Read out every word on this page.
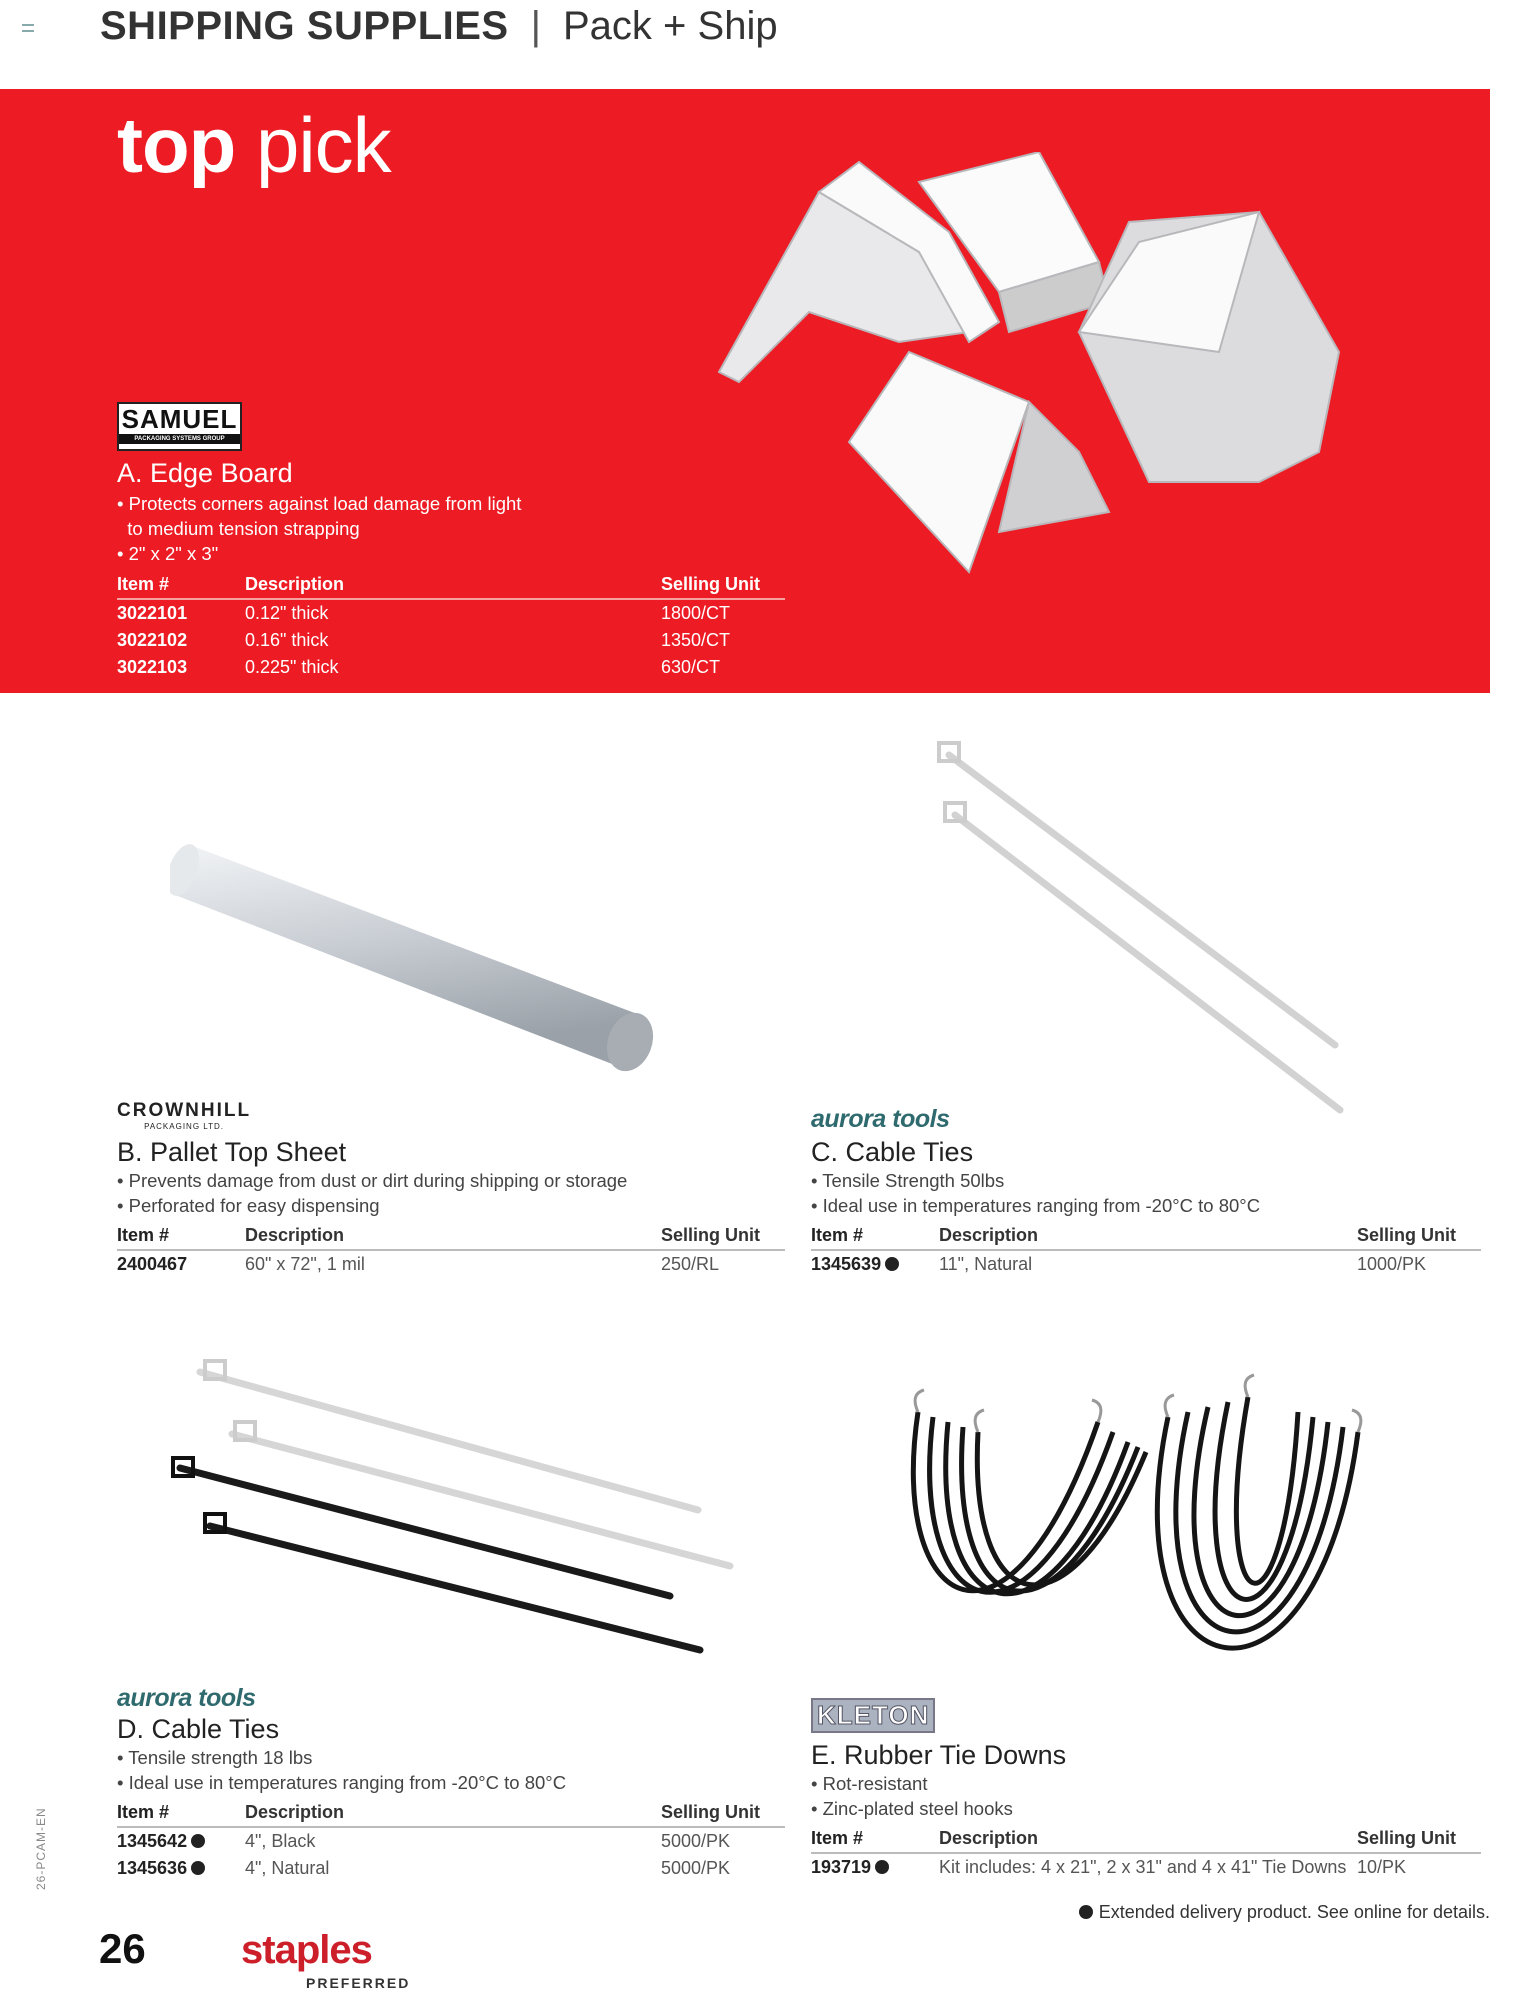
SHIPPING SUPPLIES | Pack + Ship
top pick
SAMUEL
PACKAGING SYSTEMS GROUP
A. Edge Board
• Protects corners against load damage from light
to medium tension strapping
• 2" x 2" x 3"
Item #	Description	Selling Unit
3022101	0.12" thick	1800/CT
3022102	0.16" thick	1350/CT
3022103	0.225" thick	630/CT
CROWNHILL
PACKAGING LTD.
B. Pallet Top Sheet
• Prevents damage from dust or dirt during shipping or storage
• Perforated for easy dispensing
Item #	Description	Selling Unit
2400467	60" x 72", 1 mil	250/RL
aurora tools
C. Cable Ties
• Tensile Strength 50lbs
• Ideal use in temperatures ranging from -20°C to 80°C
Item #	Description	Selling Unit
1345639	11", Natural	1000/PK
aurora tools
D. Cable Ties
• Tensile strength 18 lbs
• Ideal use in temperatures ranging from -20°C to 80°C
Item #	Description	Selling Unit
1345642	4", Black	5000/PK
1345636	4", Natural	5000/PK
KLETON
E. Rubber Tie Downs
• Rot-resistant
• Zinc-plated steel hooks
Item #	Description	Selling Unit
193719	Kit includes: 4 x 21", 2 x 31" and 4 x 41" Tie Downs 10/PK
Extended delivery product. See online for details.
26-PCAM-EN
26 staples
PREFERRED
